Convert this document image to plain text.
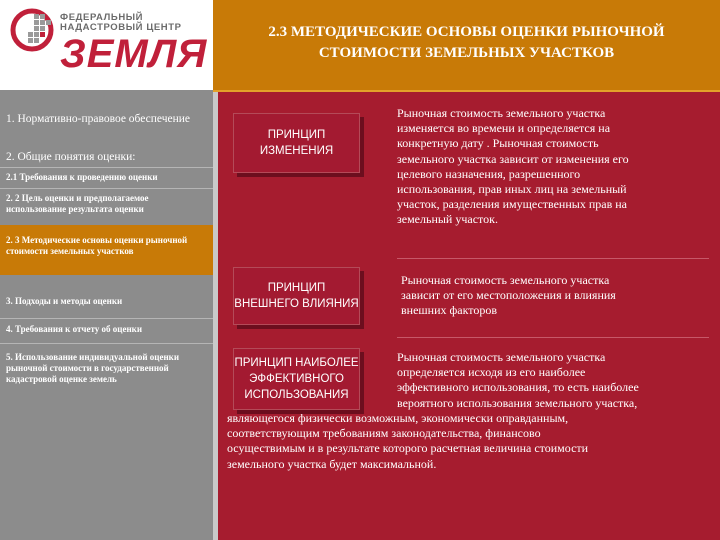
ФЕДЕРАЛЬНЫЙ
НАДАСТРОВЫЙ ЦЕНТР
ЗЕМЛЯ	2.3 МЕТОДИЧЕСКИЕ ОСНОВЫ ОЦЕНКИ РЫНОЧНОЙ
СТОИМОСТИ ЗЕМЕЛЬНЫХ УЧАСТКОВ
1. Нормативно-правовое обеспечение
2. Общие понятия оценки:
2.1 Требования к проведению оценки
2. 2 Цель оценки и предполагаемое использование результата оценки
2. 3 Методические основы оценки рыночной стоимости земельных участков
3. Подходы и методы оценки
4. Требования к отчету об оценки
5. Использование индивидуальной оценки рыночной стоимости в государственной кадастровой оценке земель
ПРИНЦИП ИЗМЕНЕНИЯ
Рыночная стоимость земельного участка
изменяется во времени и определяется на
конкретную дату . Рыночная стоимость
земельного участка зависит от изменения его
целевого назначения, разрешенного
использования, прав иных лиц на земельный
участок, разделения имущественных прав на
земельный участок.
ПРИНЦИП ВНЕШНЕГО ВЛИЯНИЯ
Рыночная стоимость земельного участка
зависит от его местоположения и влияния
внешних факторов
ПРИНЦИП НАИБОЛЕЕ ЭФФЕКТИВНОГО ИСПОЛЬЗОВАНИЯ
Рыночная стоимость земельного участка
определяется исходя из его наиболее
эффективного использования, то есть наиболее
вероятного использования земельного участка,
являющегося физически возможным, экономически оправданным,
соответствующим требованиям законодательства, финансово
осуществимым и в результате которого расчетная величина стоимости
земельного участка будет максимальной.
